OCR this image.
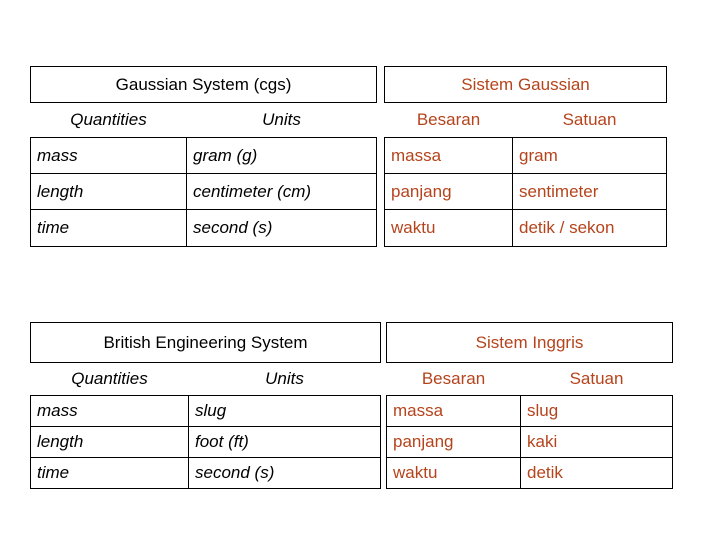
Gaussian System (cgs)			Sistem Gaussian	
Quantities	Units		Besaran	Satuan
mass	gram (g)		massa	gram
length	centimeter (cm)		panjang	sentimeter
time	second (s)		waktu	detik / sekon
British Engineering System			Sistem Inggris	
Quantities	Units		Besaran	Satuan
mass	slug		massa	slug
length	foot (ft)		panjang	kaki
time	second (s)		waktu	detik
